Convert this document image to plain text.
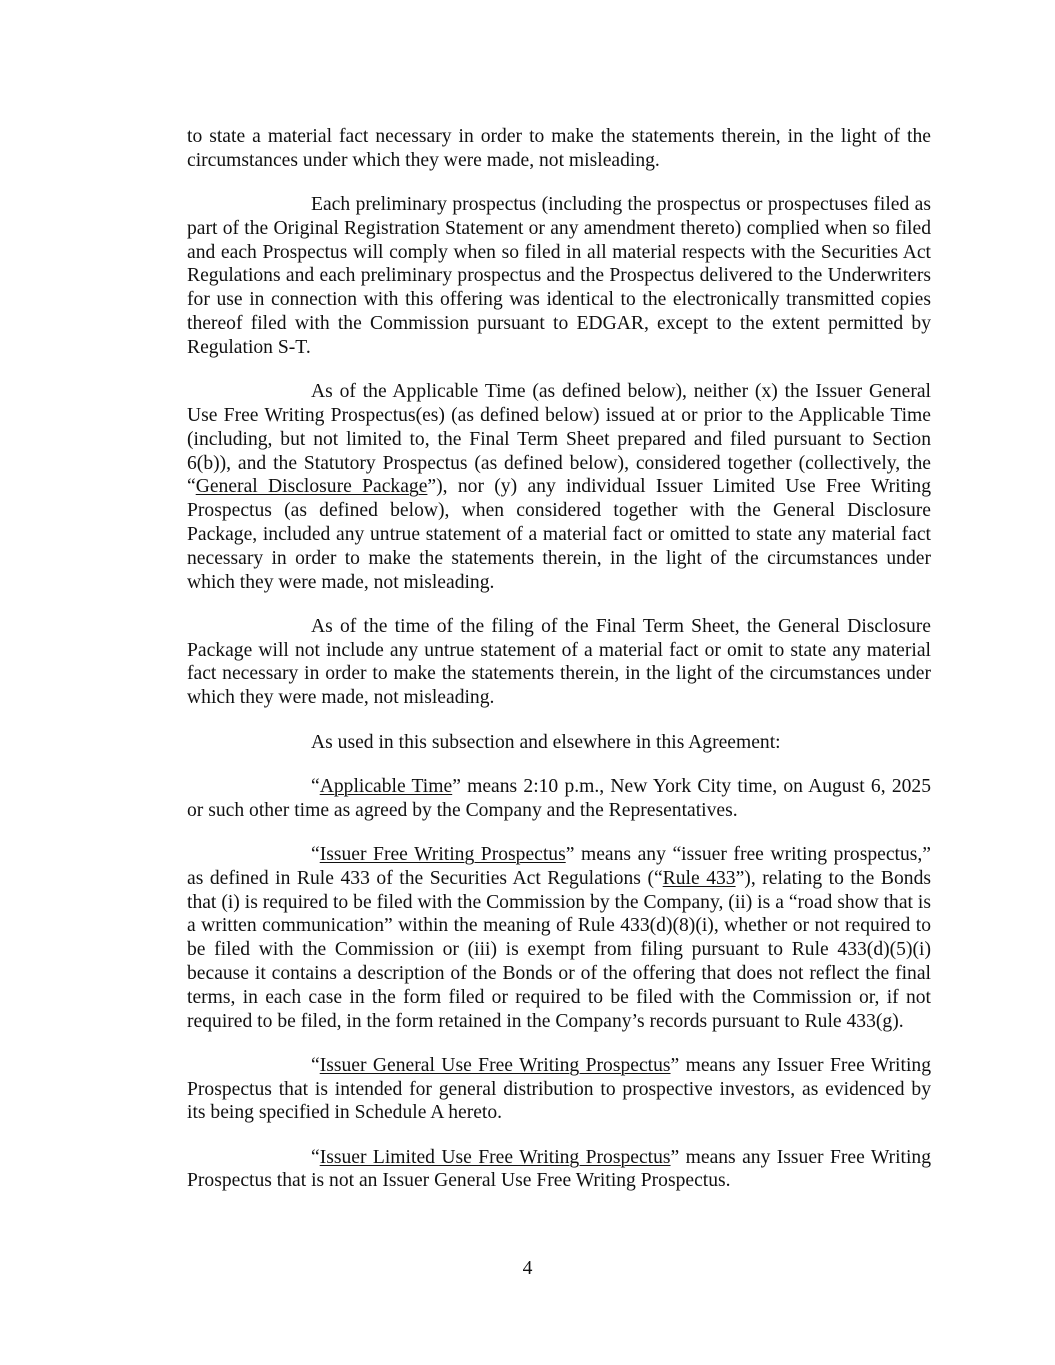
to state a material fact necessary in order to make the statements therein, in the light of the circumstances under which they were made, not misleading.

Each preliminary prospectus (including the prospectus or prospectuses filed as part of the Original Registration Statement or any amendment thereto) complied when so filed and each Prospectus will comply when so filed in all material respects with the Securities Act Regulations and each preliminary prospectus and the Prospectus delivered to the Underwriters for use in connection with this offering was identical to the electronically transmitted copies thereof filed with the Commission pursuant to EDGAR, except to the extent permitted by Regulation S-T.

As of the Applicable Time (as defined below), neither (x) the Issuer General Use Free Writing Prospectus(es) (as defined below) issued at or prior to the Applicable Time (including, but not limited to, the Final Term Sheet prepared and filed pursuant to Section 6(b)), and the Statutory Prospectus (as defined below), considered together (collectively, the “General Disclosure Package”), nor (y) any individual Issuer Limited Use Free Writing Prospectus (as defined below), when considered together with the General Disclosure Package, included any untrue statement of a material fact or omitted to state any material fact necessary in order to make the statements therein, in the light of the circumstances under which they were made, not misleading.

As of the time of the filing of the Final Term Sheet, the General Disclosure Package will not include any untrue statement of a material fact or omit to state any material fact necessary in order to make the statements therein, in the light of the circumstances under which they were made, not misleading.

As used in this subsection and elsewhere in this Agreement:

“Applicable Time” means 2:10 p.m., New York City time, on August 6, 2025 or such other time as agreed by the Company and the Representatives.

“Issuer Free Writing Prospectus” means any “issuer free writing prospectus,” as defined in Rule 433 of the Securities Act Regulations (“Rule 433”), relating to the Bonds that (i) is required to be filed with the Commission by the Company, (ii) is a “road show that is a written communication” within the meaning of Rule 433(d)(8)(i), whether or not required to be filed with the Commission or (iii) is exempt from filing pursuant to Rule 433(d)(5)(i) because it contains a description of the Bonds or of the offering that does not reflect the final terms, in each case in the form filed or required to be filed with the Commission or, if not required to be filed, in the form retained in the Company’s records pursuant to Rule 433(g).

“Issuer General Use Free Writing Prospectus” means any Issuer Free Writing Prospectus that is intended for general distribution to prospective investors, as evidenced by its being specified in Schedule A hereto.

“Issuer Limited Use Free Writing Prospectus” means any Issuer Free Writing Prospectus that is not an Issuer General Use Free Writing Prospectus.

4
